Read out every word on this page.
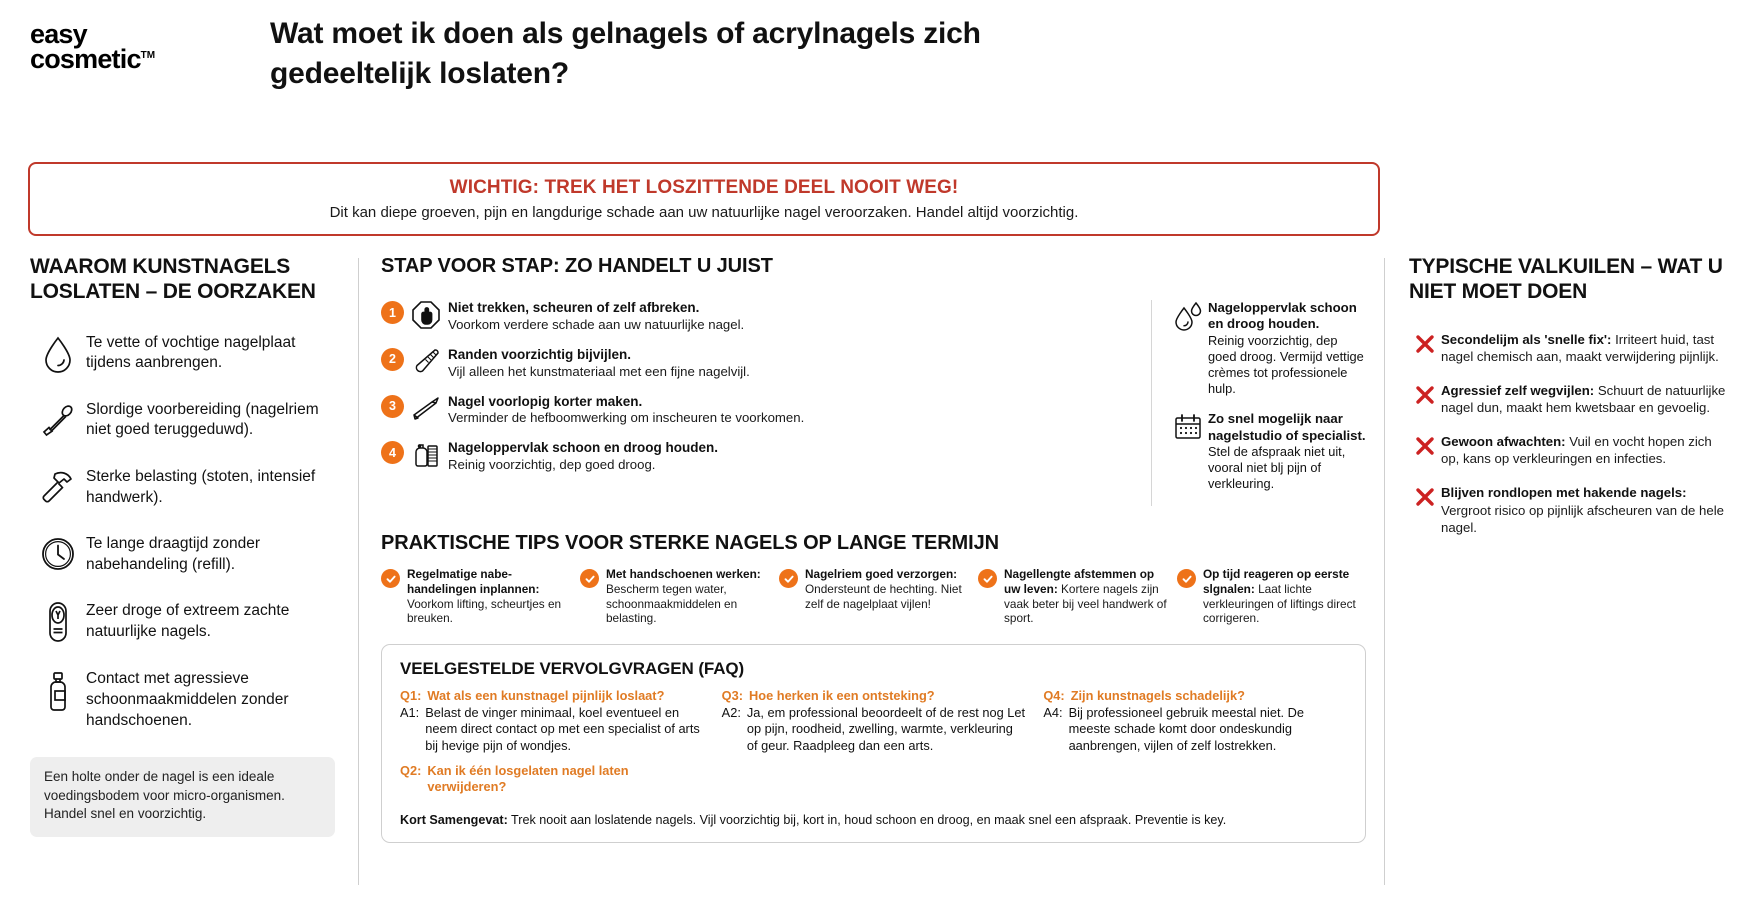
easy
cosmetic™
Wat moet ik doen als gelnagels of acrylnagels zich gedeeltelijk loslaten?
WICHTIG: TREK HET LOSZITTENDE DEEL NOOIT WEG!
Dit kan diepe groeven, pijn en langdurige schade aan uw natuurlijke nagel veroorzaken. Handel altijd voorzichtig.
WAAROM KUNSTNAGELS LOSLATEN – DE OORZAKEN
Te vette of vochtige nagelplaat tijdens aanbrengen.
Slordige voorbereiding (nagelriem niet goed teruggeduwd).
Sterke belasting (stoten, intensief handwerk).
Te lange draagtijd zonder nabehandeling (refill).
Zeer droge of extreem zachte natuurlijke nagels.
Contact met agressieve schoonmaakmiddelen zonder handschoenen.
Een holte onder de nagel is een ideale voedingsbodem voor micro-organismen. Handel snel en voorzichtig.
STAP VOOR STAP: ZO HANDELT U JUIST
1	Niet trekken, scheuren of zelf afbreken.
Voorkom verdere schade aan uw natuurlijke nagel.
2	Randen voorzichtig bijvijlen.
Vijl alleen het kunstmateriaal met een fijne nagelvijl.
3	Nagel voorlopig korter maken.
Verminder de hefboomwerking om inscheuren te voorkomen.
4	Nageloppervlak schoon en droog houden.
Reinig voorzichtig, dep goed droog.
Nageloppervlak schoon en droog houden.
Reinig voorzichtig, dep goed droog. Vermijd vettige crèmes tot professionele hulp.
Zo snel mogelijk naar nagelstudio of specialist.
Stel de afspraak niet uit, vooral niet blj pijn of verkleuring.
PRAKTISCHE TIPS VOOR STERKE NAGELS OP LANGE TERMIJN
Regelmatige nabe-handelingen inplannen: Voorkom lifting, scheurtjes en breuken.
Met handschoenen werken: Bescherm tegen water, schoonmaakmiddelen en belasting.
Nagelriem goed verzorgen: Ondersteunt de hechting. Niet zelf de nagelplaat vijlen!
Nagellengte afstemmen op uw leven: Kortere nagels zijn vaak beter bij veel handwerk of sport.
Op tijd reageren op eerste slgnalen: Laat lichte verkleuringen of liftings direct corrigeren.
VEELGESTELDE VERVOLGVRAGEN (FAQ)
Q1: Wat als een kunstnagel pijnlijk loslaat?
A1: Belast de vinger minimaal, koel eventueel en neem direct contact op met een specialist of arts bij hevige pijn of wondjes.
Q2: Kan ik één losgelaten nagel laten verwijderen?
Q3: Hoe herken ik een ontsteking?
A2: Ja, em professional beoordeelt of de rest nog Let op pijn, roodheid, zwelling, warmte, verkleuring of geur. Raadpleeg dan een arts.
Q4: Zijn kunstnagels schadelijk?
A4: Bij professioneel gebruik meestal niet. De meeste schade komt door ondeskundig aanbrengen, vijlen of zelf lostrekken.
Kort Samengevat: Trek nooit aan loslatende nagels. Vijl voorzichtig bij, kort in, houd schoon en droog, en maak snel een afspraak. Preventie is key.
TYPISCHE VALKUILEN – WAT U NIET MOET DOEN
Secondelijm als 'snelle fix': Irriteert huid, tast nagel chemisch aan, maakt verwijdering pijnlijk.
Agressief zelf wegvijlen: Schuurt de natuurlijke nagel dun, maakt hem kwetsbaar en gevoelig.
Gewoon afwachten: Vuil en vocht hopen zich op, kans op verkleuringen en infecties.
Blijven rondlopen met hakende nagels: Vergroot risico op pijnlijk afscheuren van de hele nagel.
